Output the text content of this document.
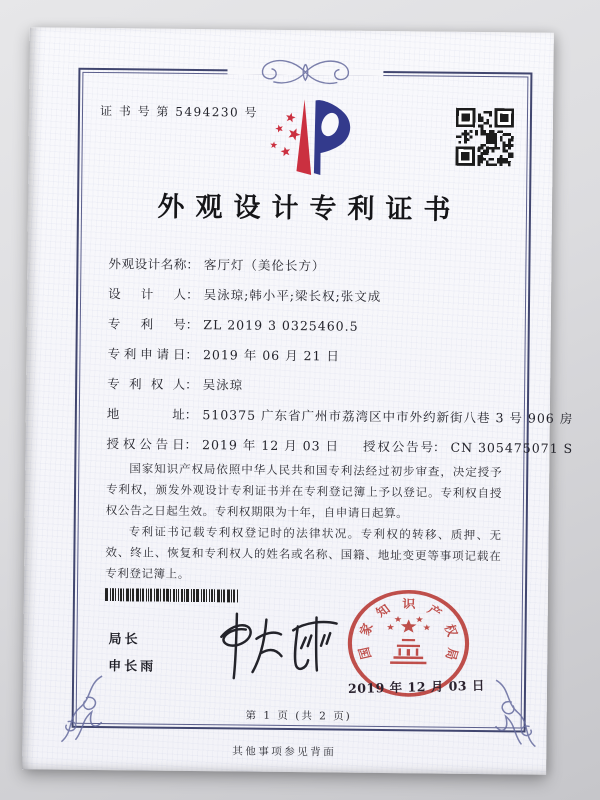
证 书 号 第 5494230 号
外观设计专利证书
外观设计名称 ： 客厅灯（美伦长方）
设计人 ： 吴泳琼;韩小平;梁长权;张文成
专利号 ： ZL 2019 3 0325460.5
专利申请日 ： 2019 年 06 月 21 日
专利权人 ： 吴泳琼
地址 ： 510375 广东省广州市荔湾区中市外约新街八巷 3 号 906 房
授权公告日 ： 2019 年 12 月 03 日 授权公告号 ： CN 305475071 S

国家知识产权局依照中华人民共和国专利法经过初步审查，决定授予专利权，颁发外观设计专利证书并在专利登记簿上予以登记。专利权自授权公告之日起生效。专利权期限为十年，自申请日起算。

专利证书记载专利权登记时的法律状况。专利权的转移、质押、无效、终止、恢复和专利权人的姓名或名称、国籍、地址变更等事项记载在专利登记簿上。

局长
申长雨
国
家
知 识 产
权
局
2019 年 12 月 03 日
第 1 页 (共 2 页)
其他事项参见背面
